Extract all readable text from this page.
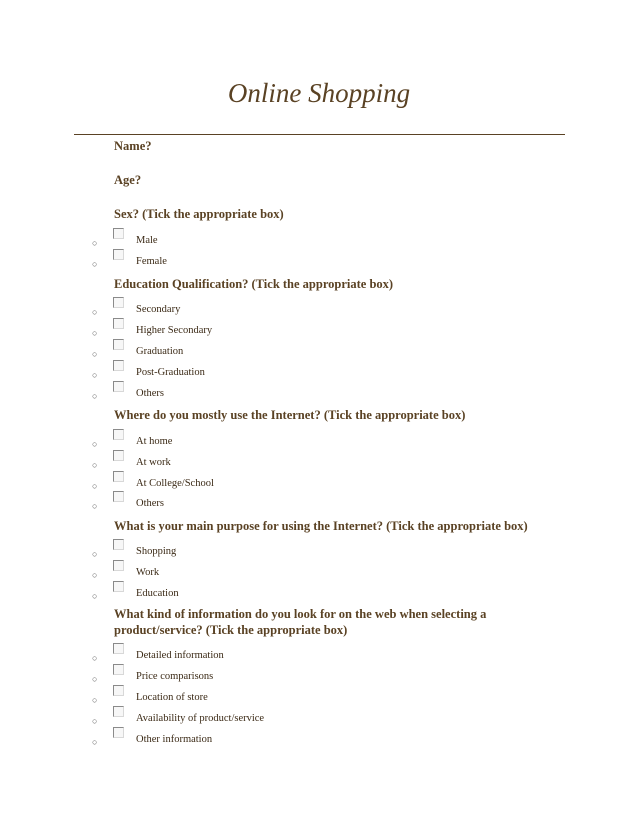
Online Shopping
Name?
Age?
Sex? (Tick the appropriate box)
○	Male
○	Female
Education Qualification? (Tick the appropriate box)
○	Secondary
○	Higher Secondary
○	Graduation
○	Post-Graduation
○	Others
Where do you mostly use the Internet? (Tick the appropriate box)
○	At home
○	At work
○	At College/School
○	Others
What is your main purpose for using the Internet? (Tick the appropriate box)
○	Shopping
○	Work
○	Education
What kind of information do you look for on the web when selecting a
product/service? (Tick the appropriate box)
○	Detailed information
○	Price comparisons
○	Location of store
○	Availability of product/service
○	Other information
